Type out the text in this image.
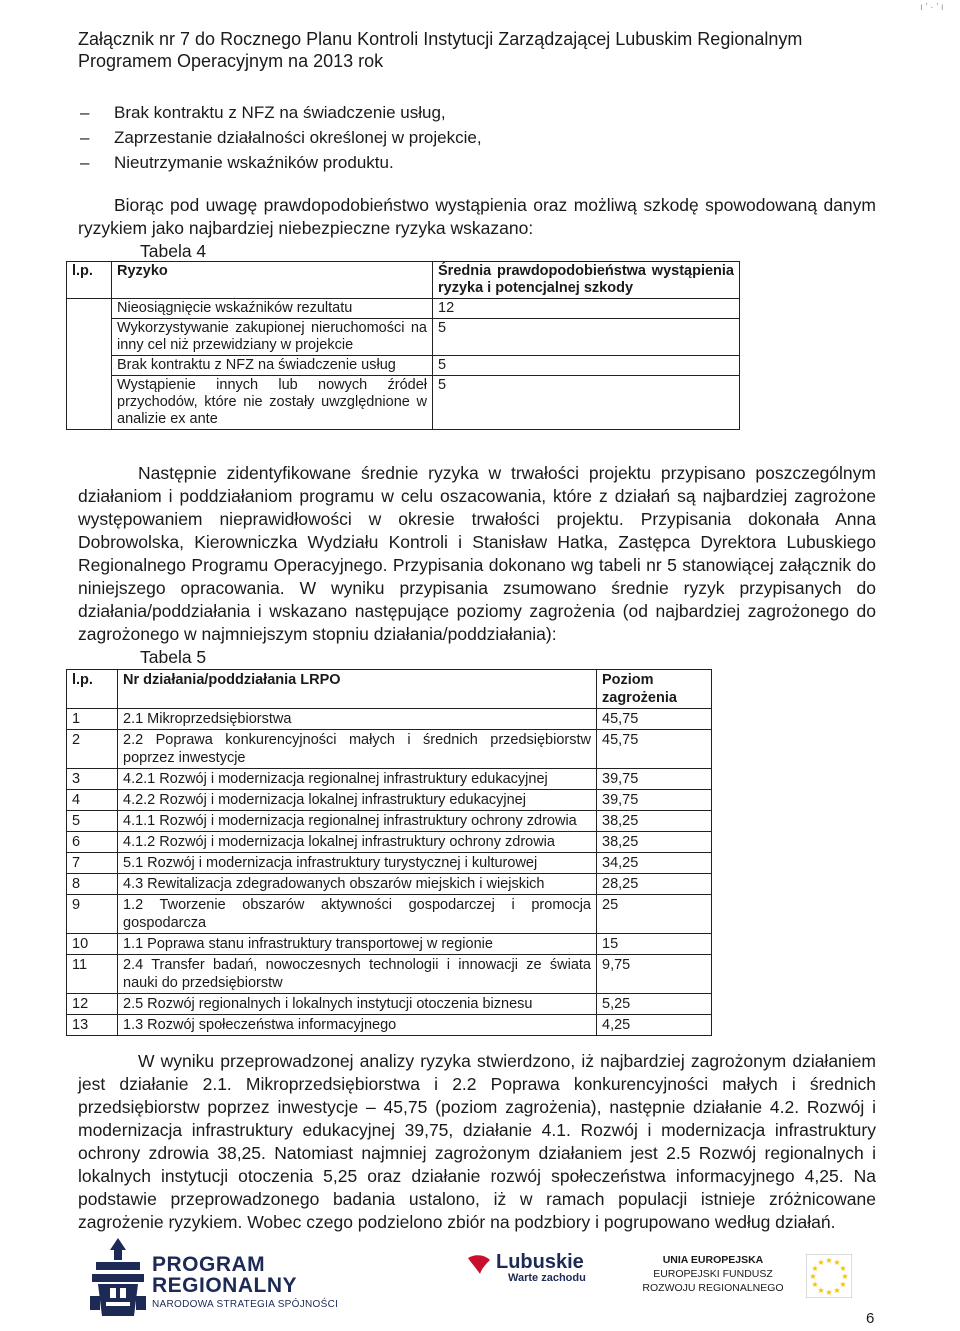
ı ’ · ’ ı
Załącznik nr 7 do Rocznego Planu Kontroli Instytucji Zarządzającej Lubuskim Regionalnym Programem Operacyjnym na 2013 rok
– Brak kontraktu z NFZ na świadczenie usług,
– Zaprzestanie działalności określonej w projekcie,
– Nieutrzymanie wskaźników produktu.
Biorąc pod uwagę prawdopodobieństwo wystąpienia oraz możliwą szkodę spowodowaną danym ryzykiem jako najbardziej niebezpieczne ryzyka wskazano:
Tabela 4
l.p.	Ryzyko	Średnia prawdopodobieństwa wystąpienia ryzyka i potencjalnej szkody
	Nieosiągnięcie wskaźników rezultatu	12
	Wykorzystywanie zakupionej nieruchomości na inny cel niż przewidziany w projekcie	5
	Brak kontraktu z NFZ na świadczenie usług	5
	Wystąpienie innych lub nowych źródeł przychodów, które nie zostały uwzględnione w analizie ex ante	5
Następnie zidentyfikowane średnie ryzyka w trwałości projektu przypisano poszczególnym działaniom i poddziałaniom programu w celu oszacowania, które z działań są najbardziej zagrożone występowaniem nieprawidłowości w okresie trwałości projektu. Przypisania dokonała Anna Dobrowolska, Kierowniczka Wydziału Kontroli i Stanisław Hatka, Zastępca Dyrektora Lubuskiego Regionalnego Programu Operacyjnego. Przypisania dokonano wg tabeli nr 5 stanowiącej załącznik do niniejszego opracowania. W wyniku przypisania zsumowano średnie ryzyk przypisanych do działania/poddziałania i wskazano następujące poziomy zagrożenia (od najbardziej zagrożonego do zagrożonego w najmniejszym stopniu działania/poddziałania):
Tabela 5
l.p.	Nr działania/poddziałania LRPO	Poziom zagrożenia
1	2.1 Mikroprzedsiębiorstwa	45,75
2	2.2 Poprawa konkurencyjności małych i średnich przedsiębiorstw poprzez inwestycje	45,75
3	4.2.1 Rozwój i modernizacja regionalnej infrastruktury edukacyjnej	39,75
4	4.2.2 Rozwój i modernizacja lokalnej infrastruktury edukacyjnej	39,75
5	4.1.1 Rozwój i modernizacja regionalnej infrastruktury ochrony zdrowia	38,25
6	4.1.2 Rozwój i modernizacja lokalnej infrastruktury ochrony zdrowia	38,25
7	5.1 Rozwój i modernizacja infrastruktury turystycznej i kulturowej	34,25
8	4.3 Rewitalizacja zdegradowanych obszarów miejskich i wiejskich	28,25
9	1.2 Tworzenie obszarów aktywności gospodarczej i promocja gospodarcza	25
10	1.1 Poprawa stanu infrastruktury transportowej w regionie	15
11	2.4 Transfer badań, nowoczesnych technologii i innowacji ze świata nauki do przedsiębiorstw	9,75
12	2.5 Rozwój regionalnych i lokalnych instytucji otoczenia biznesu	5,25
13	1.3 Rozwój społeczeństwa informacyjnego	4,25
W wyniku przeprowadzonej analizy ryzyka stwierdzono, iż najbardziej zagrożonym działaniem jest działanie 2.1. Mikroprzedsiębiorstwa i 2.2 Poprawa konkurencyjności małych i średnich przedsiębiorstw poprzez inwestycje – 45,75 (poziom zagrożenia), następnie działanie 4.2. Rozwój i modernizacja infrastruktury edukacyjnej 39,75, działanie 4.1. Rozwój i modernizacja infrastruktury ochrony zdrowia 38,25. Natomiast najmniej zagrożonym działaniem jest 2.5 Rozwój regionalnych i lokalnych instytucji otoczenia 5,25 oraz działanie rozwój społeczeństwa informacyjnego 4,25. Na podstawie przeprowadzonego badania ustalono, iż w ramach populacji istnieje zróżnicowane zagrożenie ryzykiem. Wobec czego podzielono zbiór na podzbiory i pogrupowano według działań.
PROGRAM
REGIONALNY
NARODOWA STRATEGIA SPÓJNOŚCI
Lubuskie
Warte zachodu
UNIA EUROPEJSKA
EUROPEJSKI FUNDUSZ
ROZWOJU REGIONALNEGO
★ ★
★
★
★
★
★
★
★
★
★
★
6
